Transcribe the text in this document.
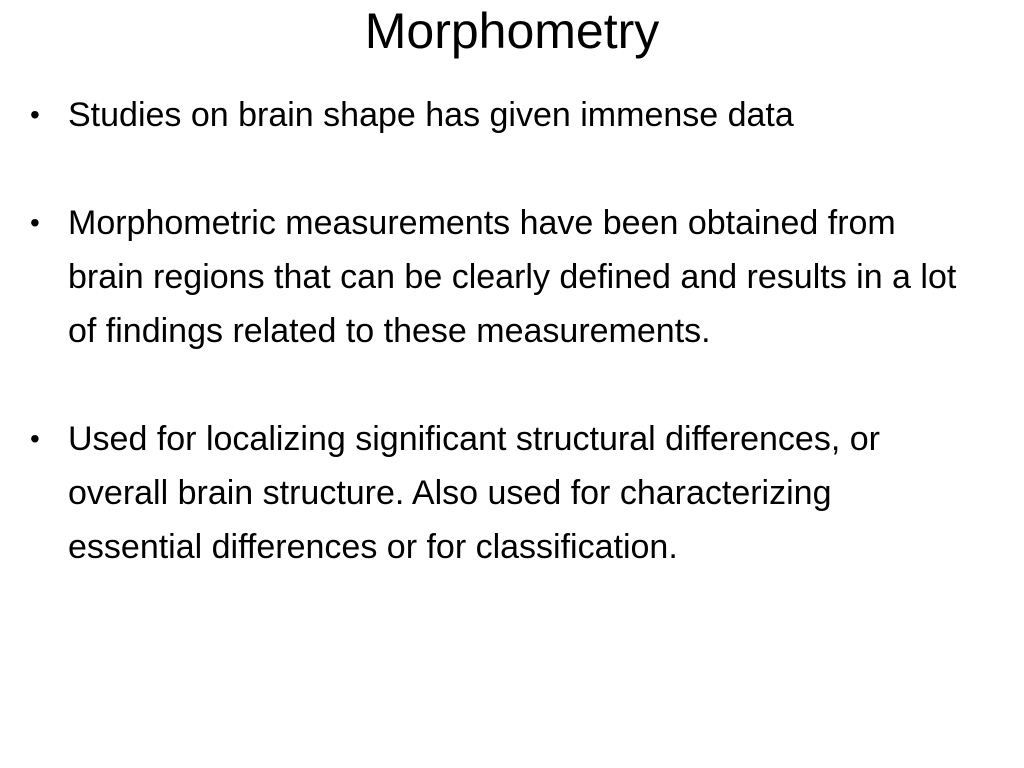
Morphometry
• Studies on brain shape has given immense data
• Morphometric measurements have been obtained from brain regions that can be clearly defined and results in a lot of findings related to these measurements.
• Used for localizing significant structural differences, or overall brain structure. Also used for characterizing essential differences or for classification.
